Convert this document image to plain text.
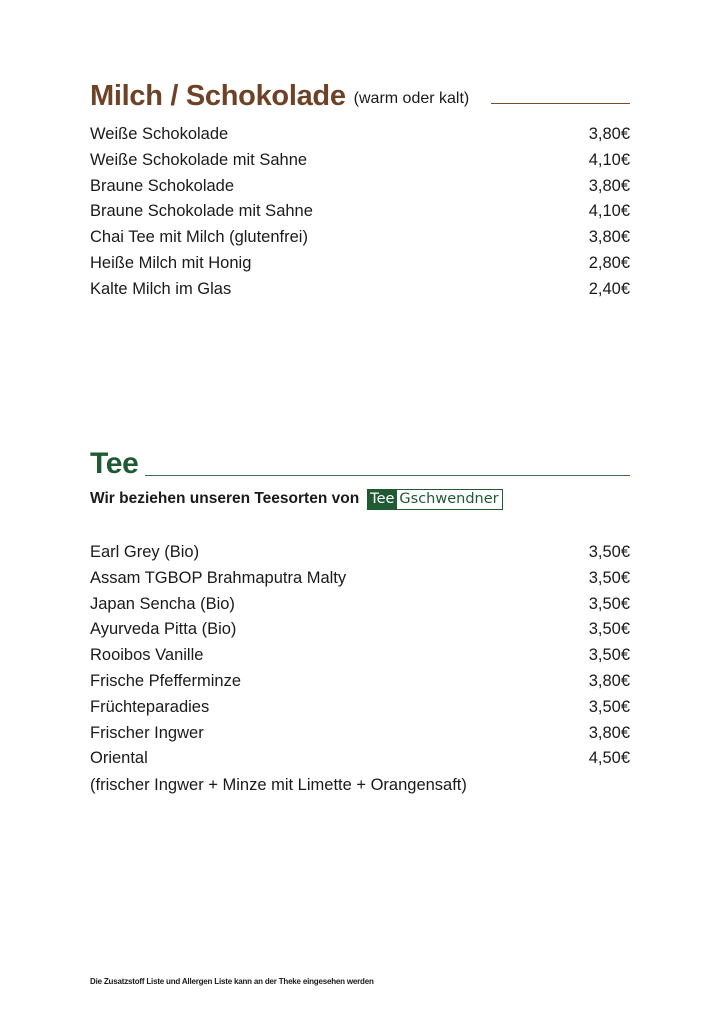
Milch / Schokolade (warm oder kalt)
Weiße Schokolade	3,80€
Weiße Schokolade mit Sahne	4,10€
Braune Schokolade	3,80€
Braune Schokolade mit Sahne	4,10€
Chai Tee mit Milch (glutenfrei)	3,80€
Heiße Milch mit Honig	2,80€
Kalte Milch im Glas	2,40€
Tee
Wir beziehen unseren Teesorten von Tee Gschwendner
Earl Grey (Bio)	3,50€
Assam TGBOP Brahmaputra Malty	3,50€
Japan Sencha (Bio)	3,50€
Ayurveda Pitta (Bio)	3,50€
Rooibos Vanille	3,50€
Frische Pfefferminze	3,80€
Früchteparadies	3,50€
Frischer Ingwer	3,80€
Oriental	4,50€
(frischer Ingwer + Minze mit Limette + Orangensaft)
Die Zusatzstoff Liste und Allergen Liste kann an der Theke eingesehen werden
